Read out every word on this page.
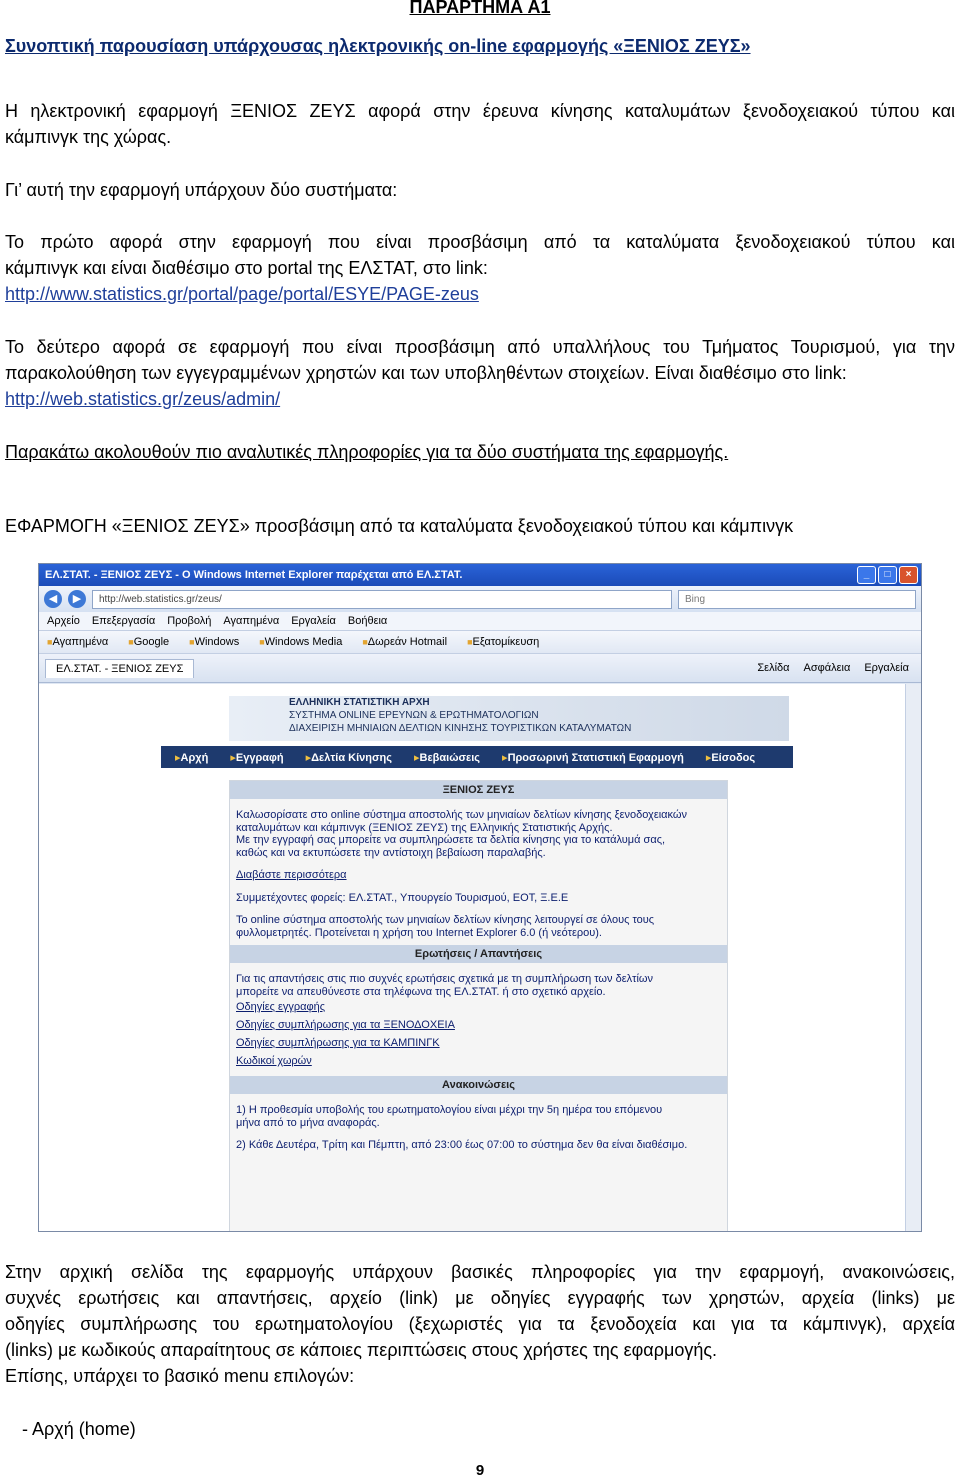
ΠΑΡΑΡΤΗΜΑ Α1
Συνοπτική παρουσίαση υπάρχουσας ηλεκτρονικής on-line εφαρμογής «ΞΕΝΙΟΣ ΖΕΥΣ»
Η ηλεκτρονική εφαρμογή ΞΕΝΙΟΣ ΖΕΥΣ αφορά στην έρευνα κίνησης καταλυμάτων ξενοδοχειακού τύπου και
κάμπινγκ της χώρας.
Γι’ αυτή την εφαρμογή υπάρχουν δύο συστήματα:
Το πρώτο αφορά στην εφαρμογή που είναι προσβάσιμη από τα καταλύματα ξενοδοχειακού τύπου και
κάμπινγκ και είναι διαθέσιμο στο portal της ΕΛΣΤΑΤ, στο link:
http://www.statistics.gr/portal/page/portal/ESYE/PAGE-zeus
Το δεύτερο αφορά σε εφαρμογή που είναι προσβάσιμη από υπαλλήλους του Τμήματος Τουρισμού, για την
παρακολούθηση των εγγεγραμμένων χρηστών και των υποβληθέντων στοιχείων. Είναι διαθέσιμο στο link:
http://web.statistics.gr/zeus/admin/
Παρακάτω ακολουθούν πιο αναλυτικές πληροφορίες για τα δύο συστήματα της εφαρμογής.
ΕΦΑΡΜΟΓΗ «ΞΕΝΙΟΣ ΖΕΥΣ» προσβάσιμη από τα καταλύματα ξενοδοχειακού τύπου και κάμπινγκ
ΕΛ.ΣΤΑΤ. - ΞΕΝΙΟΣ ΖΕΥΣ - Ο Windows Internet Explorer παρέχεται από ΕΛ.ΣΤΑΤ.	_	□	×
◀	▶	http://web.statistics.gr/zeus/	Bing
Αρχείο Επεξεργασία Προβολή Αγαπημένα Εργαλεία Βοήθεια
■ Αγαπημένα	■ Google	■ Windows	■ Windows Media	■ Δωρεάν Hotmail	■ Εξατομίκευση
ΕΛ.ΣΤΑΤ. - ΞΕΝΙΟΣ ΖΕΥΣ	Σελίδα Ασφάλεια Εργαλεία
ΕΛΛΗΝΙΚΗ ΣΤΑΤΙΣΤΙΚΗ ΑΡΧΗ
ΣΥΣΤΗΜΑ ONLINE ΕΡΕΥΝΩΝ & ΕΡΩΤΗΜΑΤΟΛΟΓΙΩΝ
ΔΙΑΧΕΙΡΙΣΗ ΜΗΝΙΑΙΩΝ ΔΕΛΤΙΩΝ ΚΙΝΗΣΗΣ ΤΟΥΡΙΣΤΙΚΩΝ ΚΑΤΑΛΥΜΑΤΩΝ
▸ Αρχή	▸ Εγγραφή	▸ Δελτία Κίνησης	▸ Βεβαιώσεις	▸ Προσωρινή Στατιστική Εφαρμογή	▸ Είσοδος
ΞΕΝΙΟΣ ΖΕΥΣ

Καλωσορίσατε στο online σύστημα αποστολής των μηνιαίων δελτίων κίνησης ξενοδοχειακών

καταλυμάτων και κάμπινγκ (ΞΕΝΙΟΣ ΖΕΥΣ) της Ελληνικής Στατιστικής Αρχής.

Με την εγγραφή σας μπορείτε να συμπληρώσετε τα δελτία κίνησης για το κατάλυμά σας,

καθώς και να εκτυπώσετε την αντίστοιχη βεβαίωση παραλαβής.

Διαβάστε περισσότερα

Συμμετέχοντες φορείς: ΕΛ.ΣΤΑΤ., Υπουργείο Τουρισμού, ΕΟΤ, Ξ.Ε.Ε

Το online σύστημα αποστολής των μηνιαίων δελτίων κίνησης λειτουργεί σε όλους τους

φυλλομετρητές. Προτείνεται η χρήση του Internet Explorer 6.0 (ή νεότερου).

Ερωτήσεις / Απαντήσεις

Για τις απαντήσεις στις πιο συχνές ερωτήσεις σχετικά με τη συμπλήρωση των δελτίων

μπορείτε να απευθύνεστε στα τηλέφωνα της ΕΛ.ΣΤΑΤ. ή στο σχετικό αρχείο.

Οδηγίες εγγραφής
Οδηγίες συμπλήρωσης για τα ΞΕΝΟΔΟΧΕΙΑ
Οδηγίες συμπλήρωσης για τα ΚΑΜΠΙΝΓΚ
Κωδικοί χωρών
Ανακοινώσεις

1) Η προθεσμία υποβολής του ερωτηματολογίου είναι μέχρι την 5η ημέρα του επόμενου

μήνα από το μήνα αναφοράς.

2) Κάθε Δευτέρα, Τρίτη και Πέμπτη, από 23:00 έως 07:00 το σύστημα δεν θα είναι διαθέσιμο.

Στην αρχική σελίδα της εφαρμογής υπάρχουν βασικές πληροφορίες για την εφαρμογή, ανακοινώσεις,
συχνές ερωτήσεις και απαντήσεις, αρχείο (link) με οδηγίες εγγραφής των χρηστών, αρχεία (links) με
οδηγίες συμπλήρωσης του ερωτηματολογίου (ξεχωριστές για τα ξενοδοχεία και για τα κάμπινγκ), αρχεία
(links) με κωδικούς απαραίτητους σε κάποιες περιπτώσεις στους χρήστες της εφαρμογής.
Επίσης, υπάρχει το βασικό menu επιλογών:
- Αρχή (home)
9
